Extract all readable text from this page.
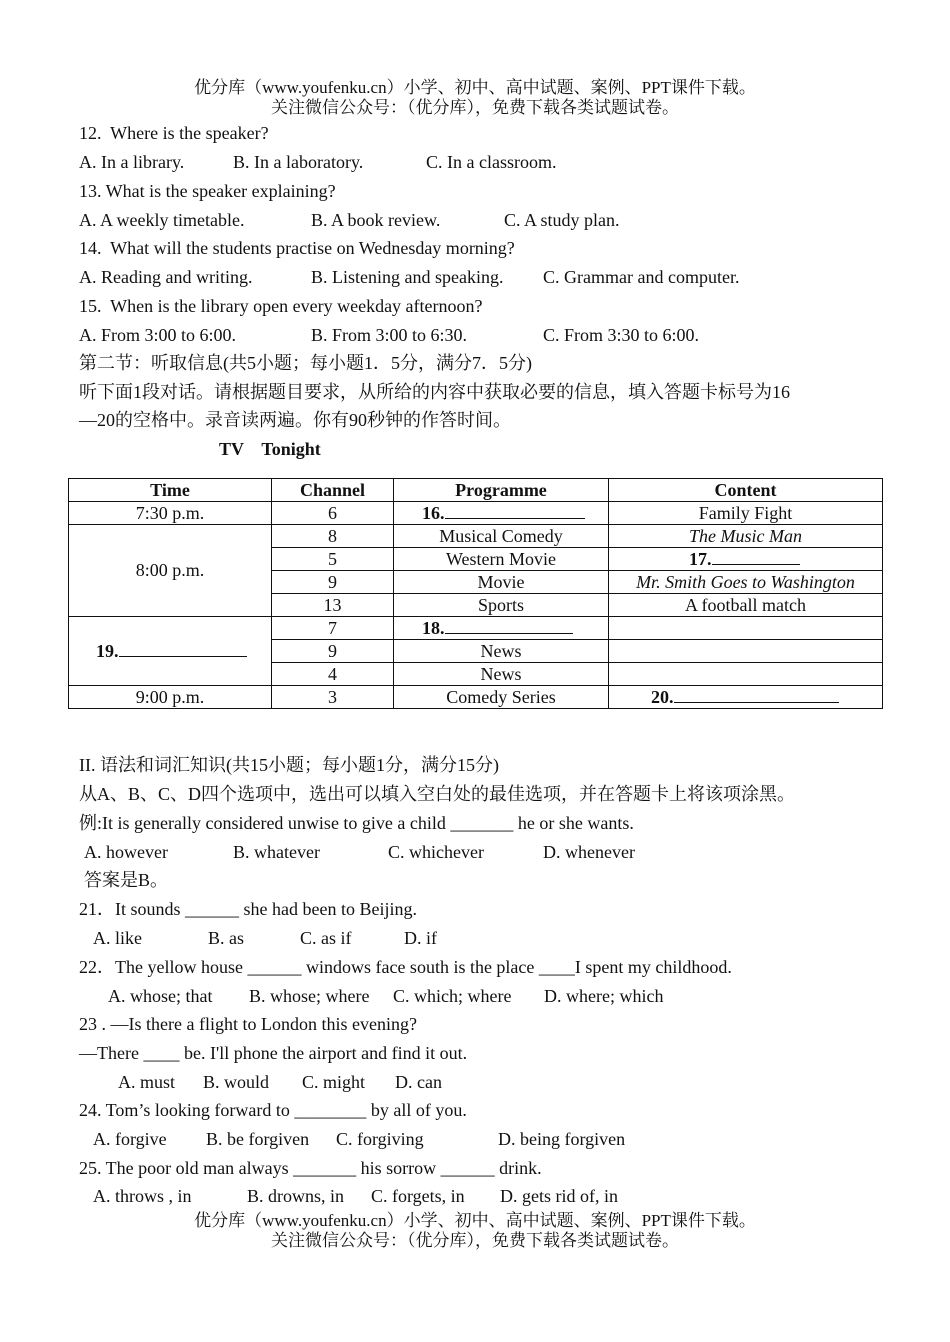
优分库（www.youfenku.cn）小学、初中、高中试题、案例、PPT课件下载。
关注微信公众号：（优分库），免费下载各类试题试卷。
12.  Where is the speaker?
A. In a library.	B. In a laboratory.	C. In a classroom.
13. What is the speaker explaining?
A. A weekly timetable.	B. A book review.	C. A study plan.
14.  What will the students practise on Wednesday morning?
A. Reading and writing.	B. Listening and speaking. C. Grammar and computer.
15.  When is the library open every weekday afternoon?
A. From 3:00 to 6:00.	B. From 3:00 to 6:30.	C. From 3:30 to 6:00.
第二节：听取信息(共5小题；每小题1．5分，满分7．5分)
听下面1段对话。请根据题目要求，从所给的内容中获取必要的信息，填入答题卡标号为16
—20的空格中。录音读两遍。你有90秒钟的作答时间。
TV    Tonight
Time	Channel	Programme	Content
7:30 p.m.	6	16.	Family Fight
8:00 p.m.	8	Musical Comedy	The Music Man
	5	Western Movie	17.
	9	Movie	Mr. Smith Goes to Washington
	13	Sports	A football match
19.	7	18.	
	9	News	
	4	News	
9:00 p.m.	3	Comedy Series	20.
II. 语法和词汇知识(共15小题；每小题1分，满分15分)
从A、B、C、D四个选项中，选出可以填入空白处的最佳选项，并在答题卡上将该项涂黑。
例:It is generally considered unwise to give a child _______ he or she wants.
A. however	B. whatever	C. whichever	D. whenever
答案是B。
21．It sounds ______ she had been to Beijing.
A. like	B. as	C. as if	D. if
22．The yellow house ______ windows face south is the place ____I spent my childhood.
A. whose; that B. whose; where C. which; where D. where; which
23 . —Is there a flight to London this evening?
—There ____ be. I'll phone the airport and find it out.
A. must B. would C. might D. can
24. Tom’s looking forward to ________ by all of you.
A. forgive B. be forgiven C. forgiving	D. being forgiven
25. The poor old man always _______ his sorrow ______ drink.
A. throws , in	B. drowns, in C. forgets, in D. gets rid of, in
优分库（www.youfenku.cn）小学、初中、高中试题、案例、PPT课件下载。
关注微信公众号：（优分库），免费下载各类试题试卷。
